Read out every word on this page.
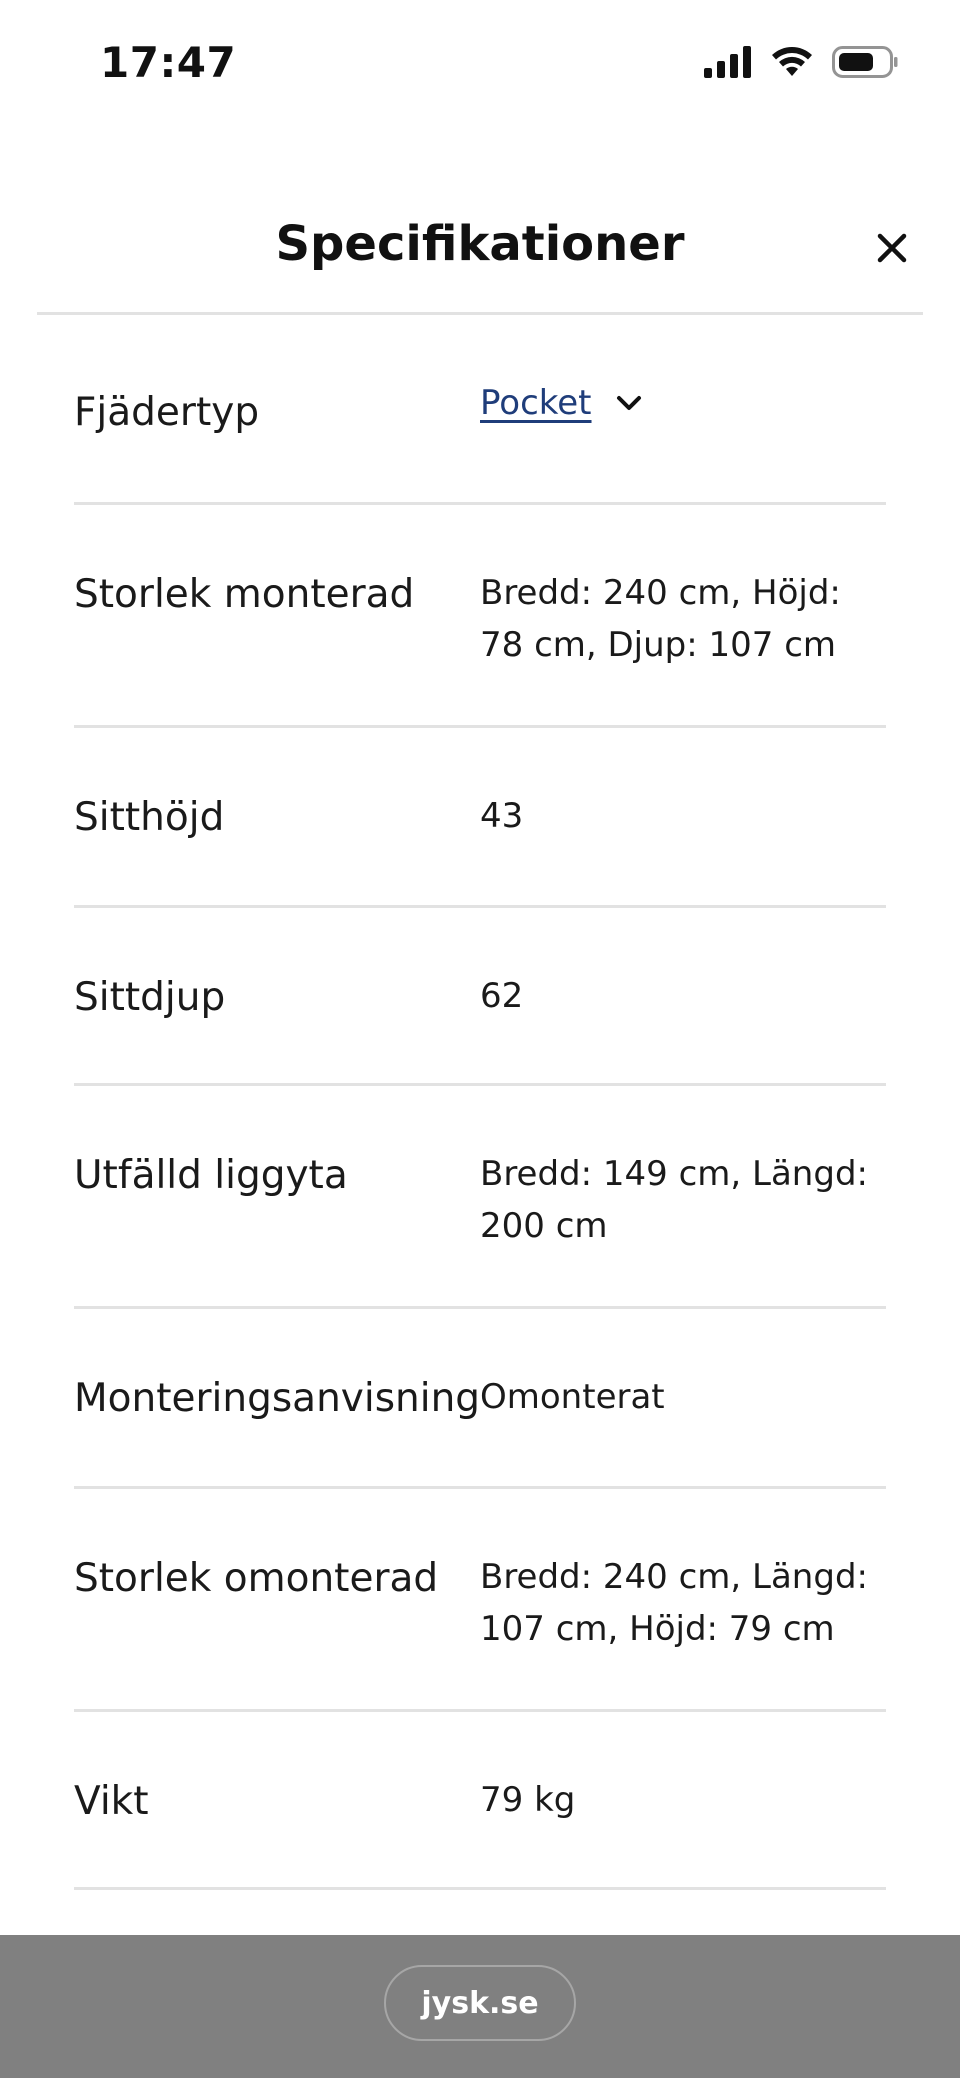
17:47
Specifikationer
Fjädertyp	Pocket
Storlek monterad	Bredd: 240 cm, Höjd: 78 cm, Djup: 107 cm
Sitthöjd	43
Sittdjup	62
Utfälld liggyta	Bredd: 149 cm, Längd: 200 cm
Monteringsanvisning Omonterat
Storlek omonterad	Bredd: 240 cm, Längd: 107 cm, Höjd: 79 cm
Vikt	79 kg
jysk.se
